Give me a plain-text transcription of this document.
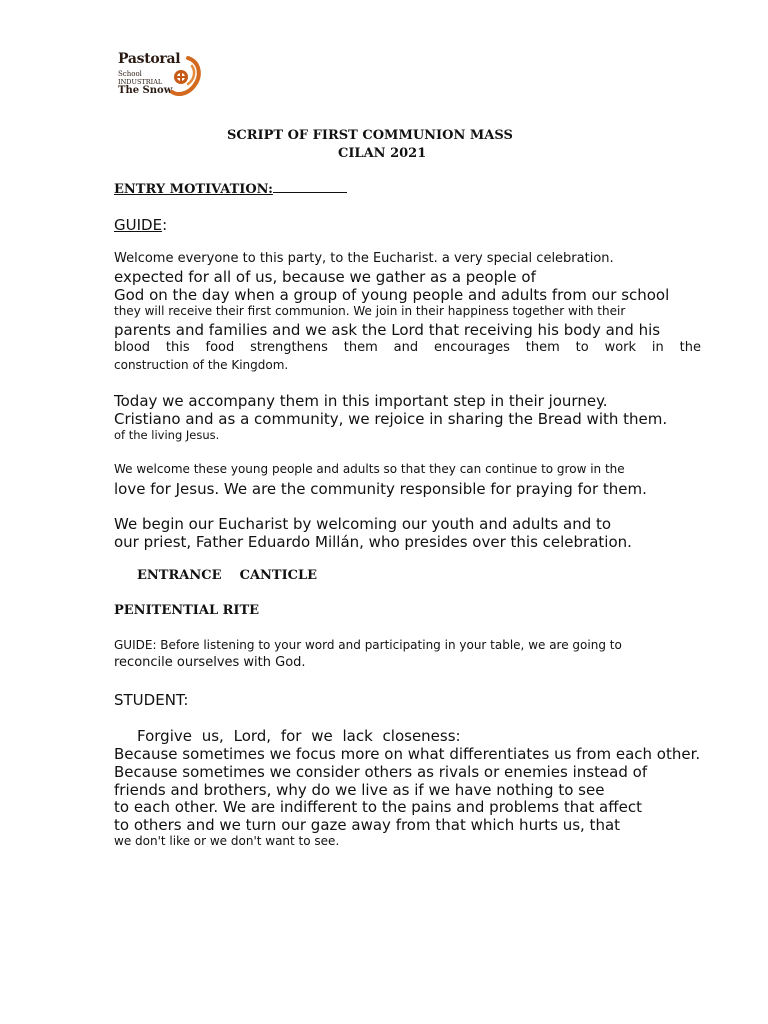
Pastoral
School
INDUSTRIAL
The Snow
SCRIPT OF FIRST COMMUNION MASS
CILAN 2021
ENTRY MOTIVATION:
GUIDE:
Welcome everyone to this party, to the Eucharist. a very special celebration.
expected for all of us, because we gather as a people of
God on the day when a group of young people and adults from our school
they will receive their first communion. We join in their happiness together with their
parents and families and we ask the Lord that receiving his body and his
blood this food strengthens them and encourages them to work in the
construction of the Kingdom.
Today we accompany them in this important step in their journey.
Cristiano and as a community, we rejoice in sharing the Bread with them.
of the living Jesus.
We welcome these young people and adults so that they can continue to grow in the
love for Jesus. We are the community responsible for praying for them.
We begin our Eucharist by welcoming our youth and adults and to
our priest, Father Eduardo Millán, who presides over this celebration.
ENTRANCE    CANTICLE
PENITENTIAL RITE
GUIDE: Before listening to your word and participating in your table, we are going to
reconcile ourselves with God.
STUDENT:
Forgive us, Lord, for we lack closeness:
Because sometimes we focus more on what differentiates us from each other.
Because sometimes we consider others as rivals or enemies instead of
friends and brothers, why do we live as if we have nothing to see
to each other. We are indifferent to the pains and problems that affect
to others and we turn our gaze away from that which hurts us, that
we don't like or we don't want to see.
